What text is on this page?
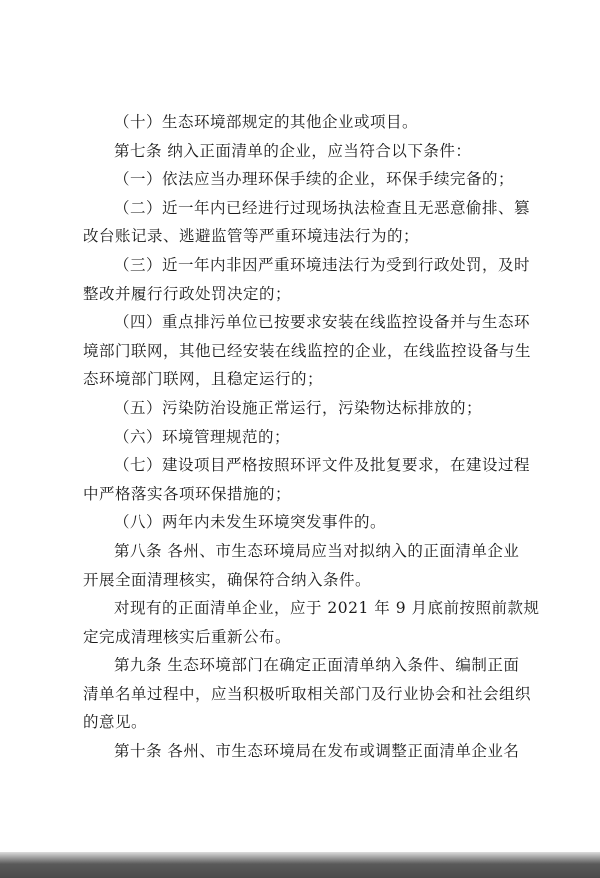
（十）生态环境部规定的其他企业或项目。

第七条 纳入正面清单的企业，应当符合以下条件：

（一）依法应当办理环保手续的企业，环保手续完备的；

（二）近一年内已经进行过现场执法检查且无恶意偷排、篡
改台账记录、逃避监管等严重环境违法行为的；

（三）近一年内非因严重环境违法行为受到行政处罚，及时
整改并履行行政处罚决定的；

（四）重点排污单位已按要求安装在线监控设备并与生态环
境部门联网，其他已经安装在线监控的企业，在线监控设备与生
态环境部门联网，且稳定运行的；

（五）污染防治设施正常运行，污染物达标排放的；

（六）环境管理规范的；

（七）建设项目严格按照环评文件及批复要求，在建设过程
中严格落实各项环保措施的；

（八）两年内未发生环境突发事件的。

第八条 各州、市生态环境局应当对拟纳入的正面清单企业
开展全面清理核实，确保符合纳入条件。

对现有的正面清单企业，应于 2021 年 9 月底前按照前款规
定完成清理核实后重新公布。

第九条 生态环境部门在确定正面清单纳入条件、编制正面
清单名单过程中，应当积极听取相关部门及行业协会和社会组织
的意见。

第十条 各州、市生态环境局在发布或调整正面清单企业名
